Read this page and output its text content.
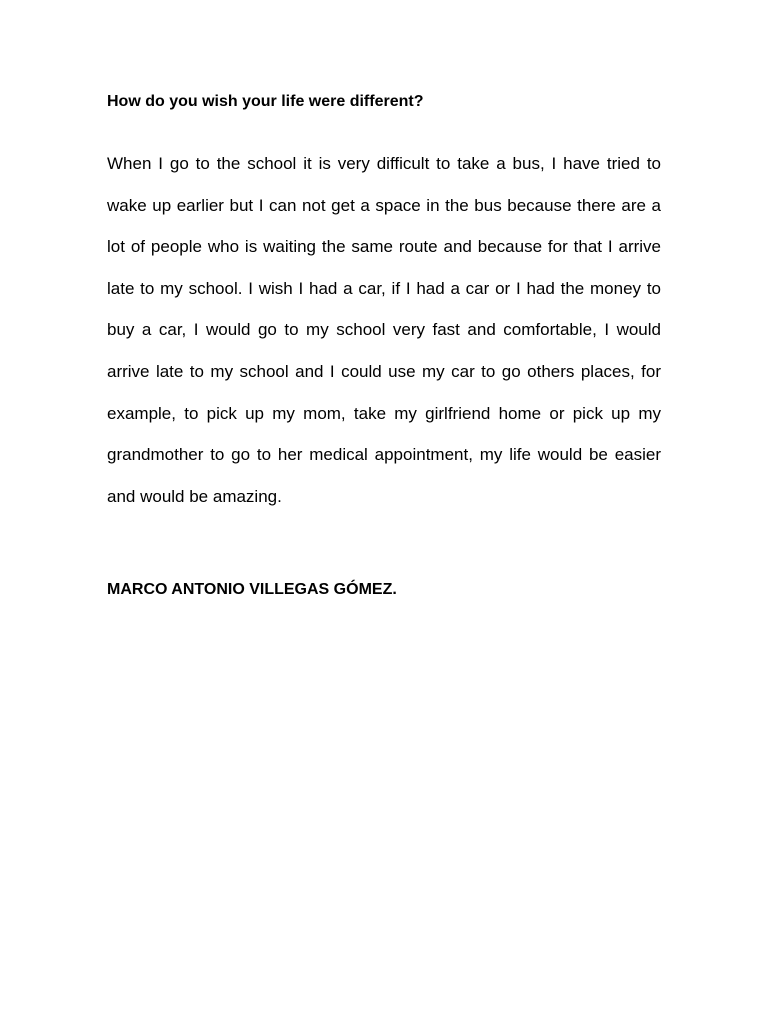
How do you wish your life were different?
When I go to the school it is very difficult to take a bus, I have tried to
wake up earlier but I can not get a space in the bus because there are a
lot of people who is waiting the same route and because for that I arrive
late to my school. I wish I had a car, if I had a car or I had the money to
buy a car, I would go to my school very fast and comfortable, I would
arrive late to my school and I could use my car to go others places, for
example, to pick up my mom, take my girlfriend home or pick up my
grandmother to go to her medical appointment, my life would be easier
and would be amazing.

MARCO ANTONIO VILLEGAS GÓMEZ.
